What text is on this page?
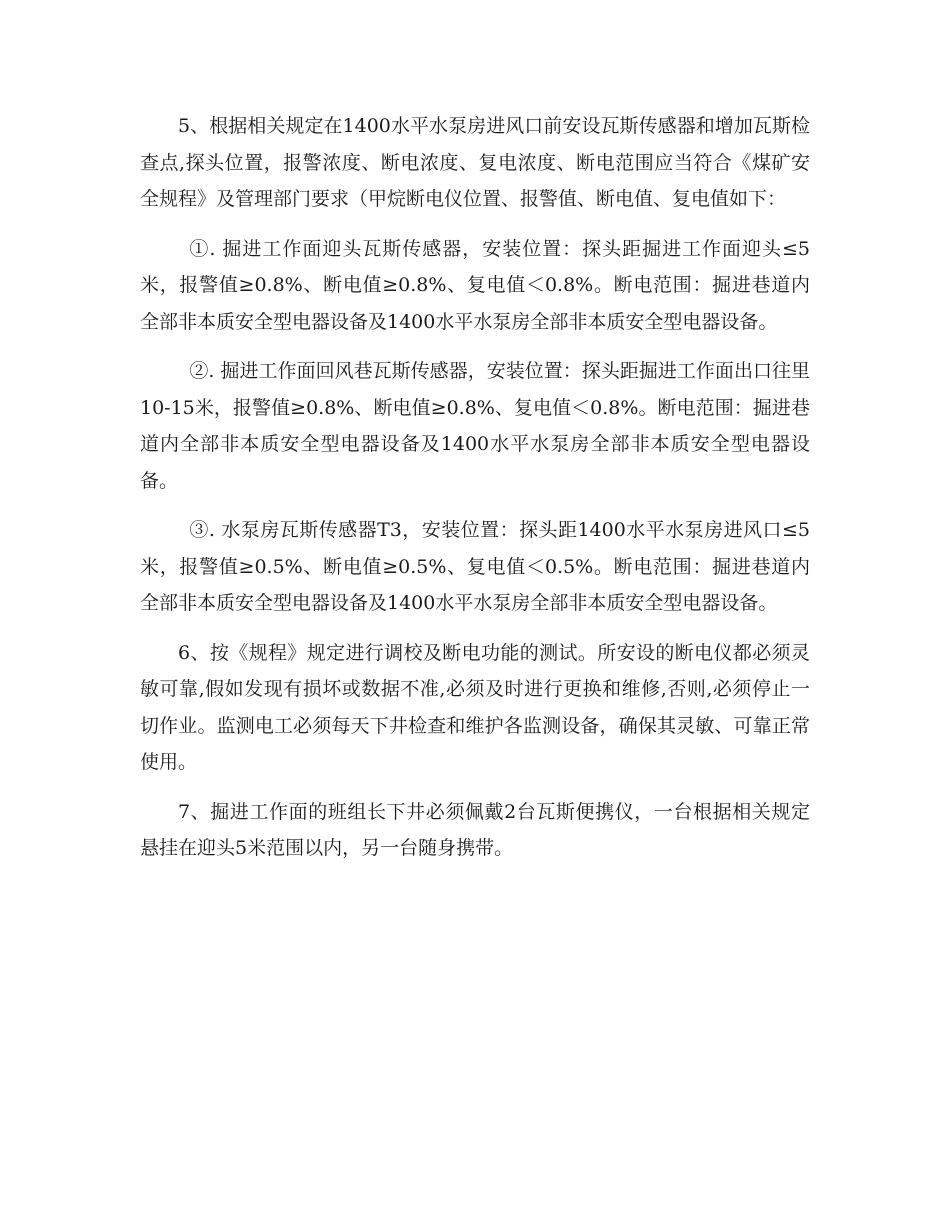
5、根据相关规定在1400水平水泵房进风口前安设瓦斯传感器和增加瓦斯检查点,探头位置，报警浓度、断电浓度、复电浓度、断电范围应当符合《煤矿安全规程》及管理部门要求（甲烷断电仪位置、报警值、断电值、复电值如下：

①. 掘进工作面迎头瓦斯传感器，安装位置：探头距掘进工作面迎头≤5米，报警值≥0.8%、断电值≥0.8%、复电值＜0.8%。断电范围：掘进巷道内全部非本质安全型电器设备及1400水平水泵房全部非本质安全型电器设备。

②. 掘进工作面回风巷瓦斯传感器，安装位置：探头距掘进工作面出口往里10-15米，报警值≥0.8%、断电值≥0.8%、复电值＜0.8%。断电范围：掘进巷道内全部非本质安全型电器设备及1400水平水泵房全部非本质安全型电器设备。

③. 水泵房瓦斯传感器T3，安装位置：探头距1400水平水泵房进风口≤5米，报警值≥0.5%、断电值≥0.5%、复电值＜0.5%。断电范围：掘进巷道内全部非本质安全型电器设备及1400水平水泵房全部非本质安全型电器设备。

6、按《规程》规定进行调校及断电功能的测试。所安设的断电仪都必须灵敏可靠,假如发现有损坏或数据不准,必须及时进行更换和维修,否则,必须停止一切作业。监测电工必须每天下井检查和维护各监测设备，确保其灵敏、可靠正常使用。

7、掘进工作面的班组长下井必须佩戴2台瓦斯便携仪，一台根据相关规定悬挂在迎头5米范围以内，另一台随身携带。
